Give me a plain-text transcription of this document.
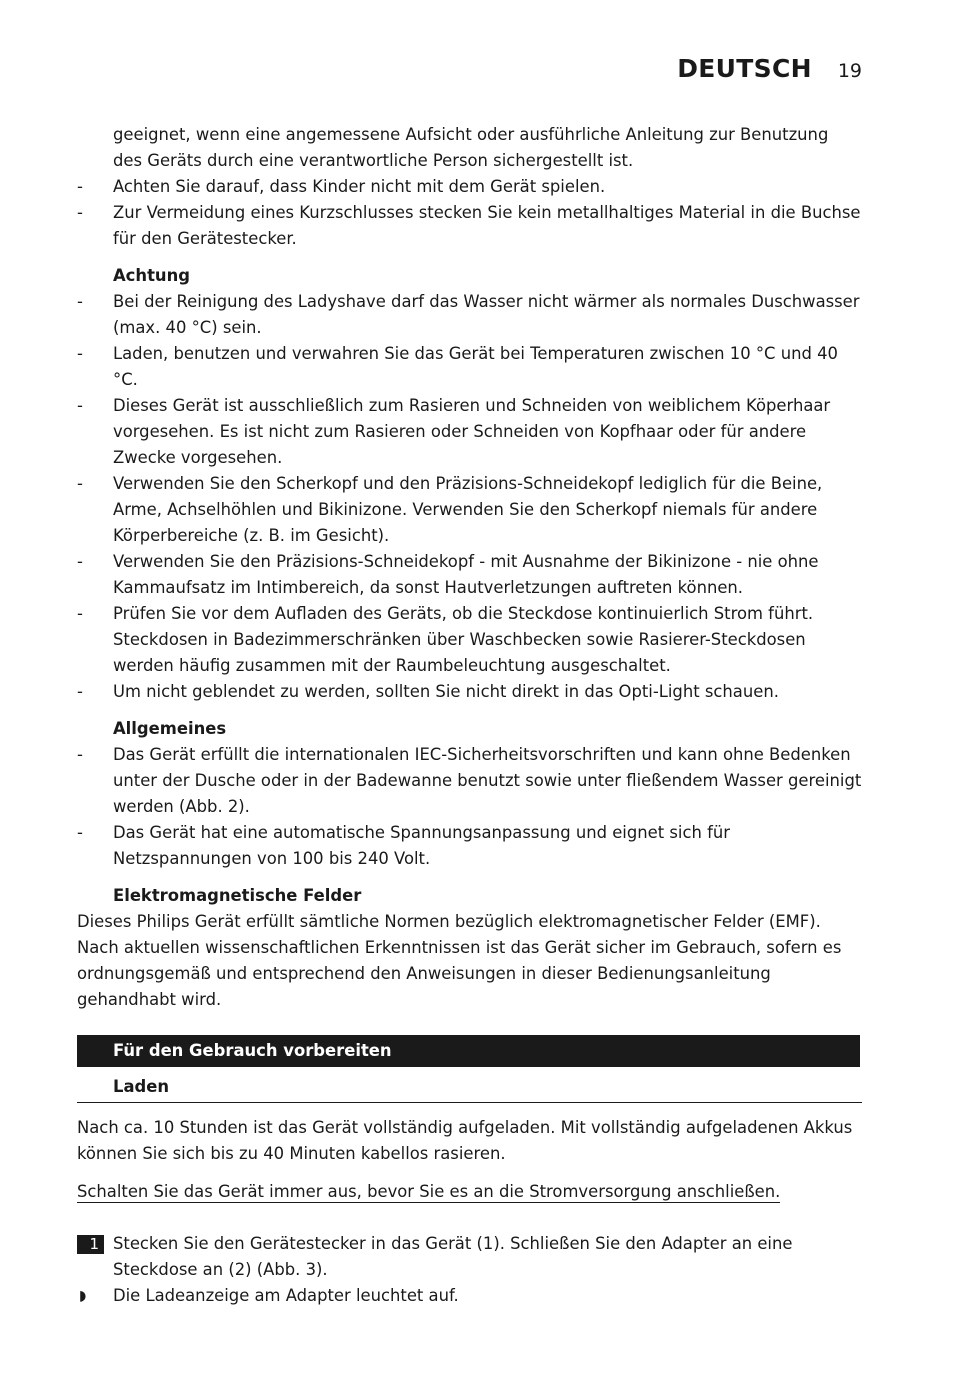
DEUTSCH 19
geeignet, wenn eine angemessene Aufsicht oder ausführliche Anleitung zur Benutzung des Geräts durch eine verantwortliche Person sichergestellt ist.
- Achten Sie darauf, dass Kinder nicht mit dem Gerät spielen.
- Zur Vermeidung eines Kurzschlusses stecken Sie kein metallhaltiges Material in die Buchse für den Gerätestecker.
Achtung
- Bei der Reinigung des Ladyshave darf das Wasser nicht wärmer als normales Duschwasser (max. 40 °C) sein.
- Laden, benutzen und verwahren Sie das Gerät bei Temperaturen zwischen 10 °C und 40 °C.
- Dieses Gerät ist ausschließlich zum Rasieren und Schneiden von weiblichem Köperhaar vorgesehen. Es ist nicht zum Rasieren oder Schneiden von Kopfhaar oder für andere Zwecke vorgesehen.
- Verwenden Sie den Scherkopf und den Präzisions-Schneidekopf lediglich für die Beine, Arme, Achselhöhlen und Bikinizone. Verwenden Sie den Scherkopf niemals für andere Körperbereiche (z. B. im Gesicht).
- Verwenden Sie den Präzisions-Schneidekopf - mit Ausnahme der Bikinizone - nie ohne Kammaufsatz im Intimbereich, da sonst Hautverletzungen auftreten können.
- Prüfen Sie vor dem Aufladen des Geräts, ob die Steckdose kontinuierlich Strom führt. Steckdosen in Badezimmerschränken über Waschbecken sowie Rasierer-Steckdosen werden häufig zusammen mit der Raumbeleuchtung ausgeschaltet.
- Um nicht geblendet zu werden, sollten Sie nicht direkt in das Opti-Light schauen.
Allgemeines
- Das Gerät erfüllt die internationalen IEC-Sicherheitsvorschriften und kann ohne Bedenken unter der Dusche oder in der Badewanne benutzt sowie unter fließendem Wasser gereinigt werden (Abb. 2).
- Das Gerät hat eine automatische Spannungsanpassung und eignet sich für Netzspannungen von 100 bis 240 Volt.
Elektromagnetische Felder
Dieses Philips Gerät erfüllt sämtliche Normen bezüglich elektromagnetischer Felder (EMF). Nach aktuellen wissenschaftlichen Erkenntnissen ist das Gerät sicher im Gebrauch, sofern es ordnungsgemäß und entsprechend den Anweisungen in dieser Bedienungsanleitung gehandhabt wird.
Für den Gebrauch vorbereiten
Laden
Nach ca. 10 Stunden ist das Gerät vollständig aufgeladen. Mit vollständig aufgeladenen Akkus können Sie sich bis zu 40 Minuten kabellos rasieren.
Schalten Sie das Gerät immer aus, bevor Sie es an die Stromversorgung anschließen.
1 Stecken Sie den Gerätestecker in das Gerät (1). Schließen Sie den Adapter an eine Steckdose an (2) (Abb. 3).
◗ Die Ladeanzeige am Adapter leuchtet auf.
